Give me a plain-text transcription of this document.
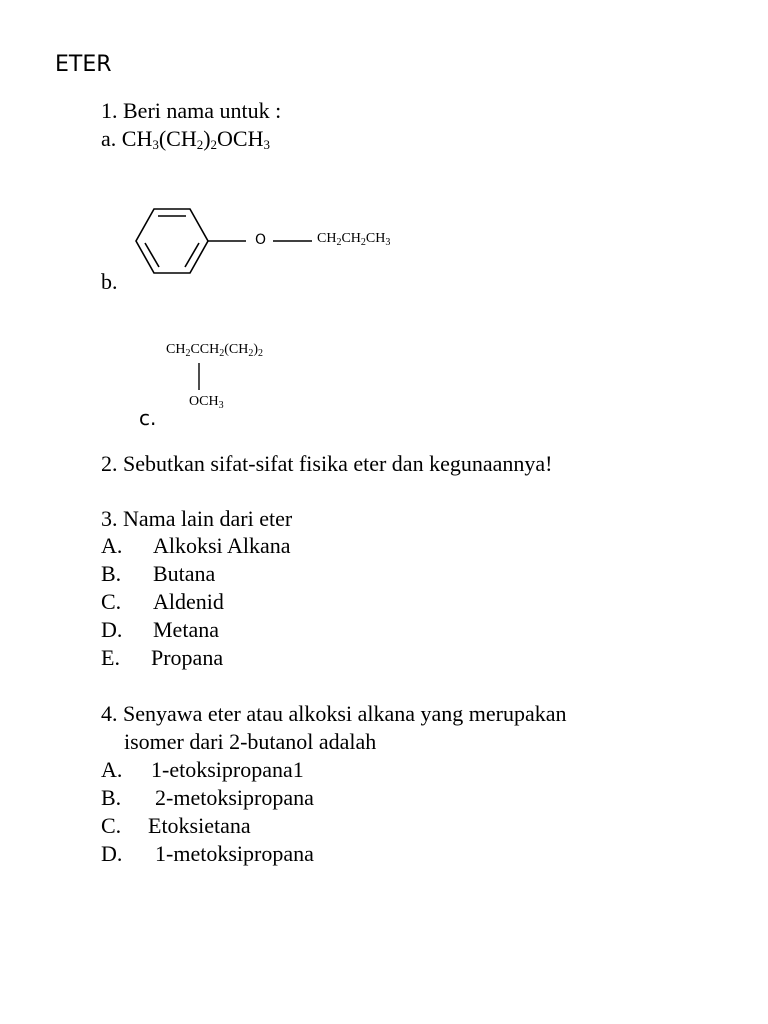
ETER
1. Beri nama untuk :
a. $CH_3(CH_2)_2OCH_3$
O	$CH_2CH_2CH_3$
b.
$CH_2CCH_2(CH_2)_2$
$OCH_3$
c.
2. Sebutkan sifat-sifat fisika eter dan kegunaannya!
3. Nama lain dari eter
A. Alkoksi Alkana
B. Butana
C. Aldenid
D. Metana
E. Propana
4. Senyawa eter atau alkoksi alkana yang merupakan
isomer dari 2-butanol adalah
A. 1-etoksipropana1
B. 2-metoksipropana
C. Etoksietana
D. 1-metoksipropana
